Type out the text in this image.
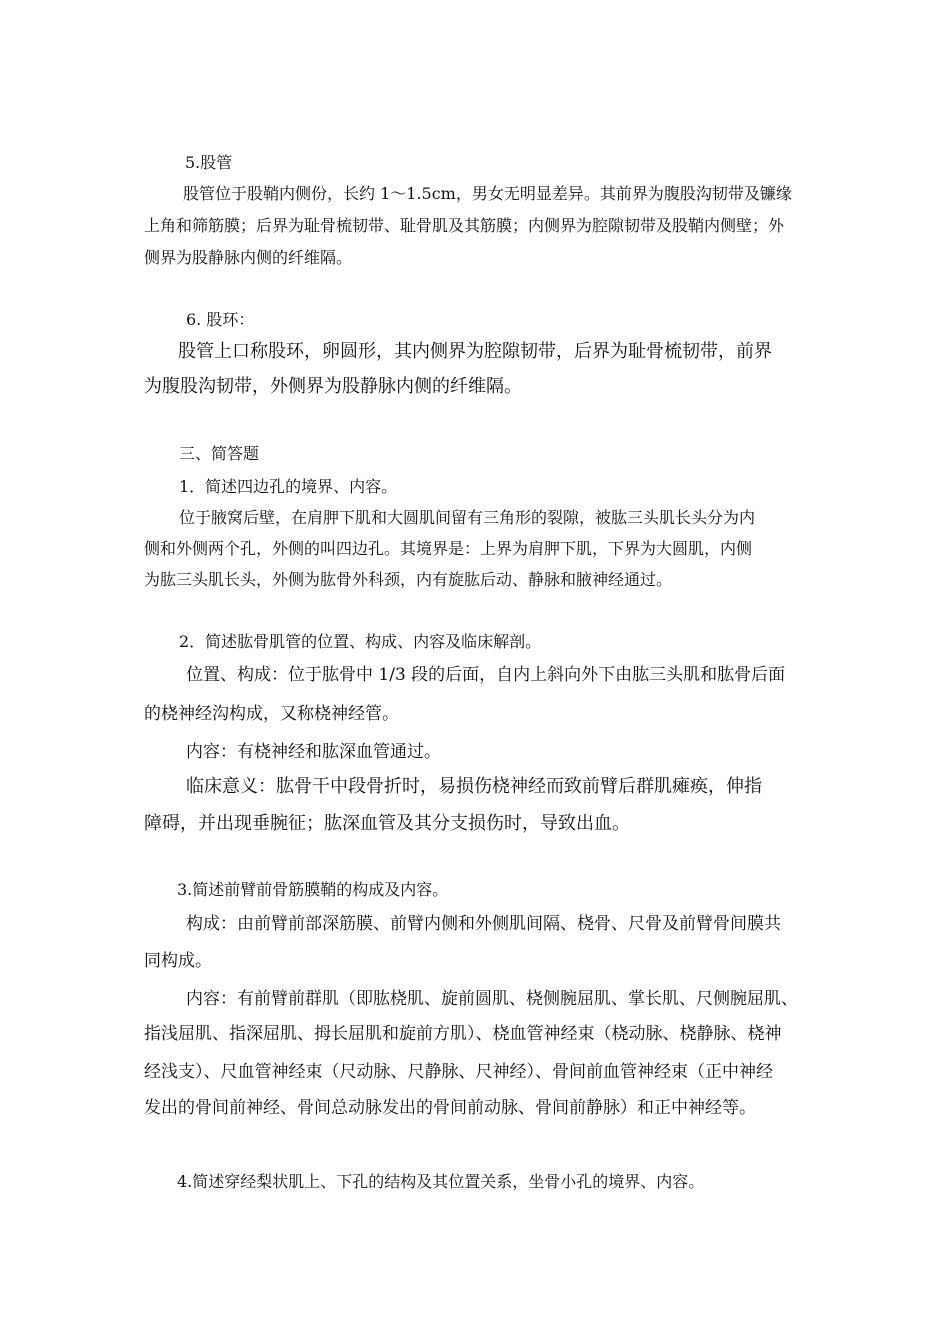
5.股管
股管位于股鞘内侧份，长约 1～1.5cm，男女无明显差异。其前界为腹股沟韧带及镰缘
上角和筛筋膜；后界为耻骨梳韧带、耻骨肌及其筋膜；内侧界为腔隙韧带及股鞘内侧壁；外
侧界为股静脉内侧的纤维隔。
6. 股环：
股管上口称股环，卵圆形，其内侧界为腔隙韧带，后界为耻骨梳韧带，前界
为腹股沟韧带，外侧界为股静脉内侧的纤维隔。
三、简答题
1．简述四边孔的境界、内容。
位于腋窝后壁，在肩胛下肌和大圆肌间留有三角形的裂隙，被肱三头肌长头分为内
侧和外侧两个孔，外侧的叫四边孔。其境界是：上界为肩胛下肌，下界为大圆肌，内侧
为肱三头肌长头，外侧为肱骨外科颈，内有旋肱后动、静脉和腋神经通过。
2．简述肱骨肌管的位置、构成、内容及临床解剖。
位置、构成：位于肱骨中 1/3 段的后面，自内上斜向外下由肱三头肌和肱骨后面
的桡神经沟构成，又称桡神经管。
内容：有桡神经和肱深血管通过。
临床意义：肱骨干中段骨折时，易损伤桡神经而致前臂后群肌瘫痪，伸指
障碍，并出现垂腕征；肱深血管及其分支损伤时，导致出血。
3.简述前臂前骨筋膜鞘的构成及内容。
构成：由前臂前部深筋膜、前臂内侧和外侧肌间隔、桡骨、尺骨及前臂骨间膜共
同构成。
内容：有前臂前群肌（即肱桡肌、旋前圆肌、桡侧腕屈肌、掌长肌、尺侧腕屈肌、
指浅屈肌、指深屈肌、拇长屈肌和旋前方肌）、桡血管神经束（桡动脉、桡静脉、桡神
经浅支）、尺血管神经束（尺动脉、尺静脉、尺神经）、骨间前血管神经束（正中神经
发出的骨间前神经、骨间总动脉发出的骨间前动脉、骨间前静脉）和正中神经等。
4.简述穿经梨状肌上、下孔的结构及其位置关系，坐骨小孔的境界、内容。
